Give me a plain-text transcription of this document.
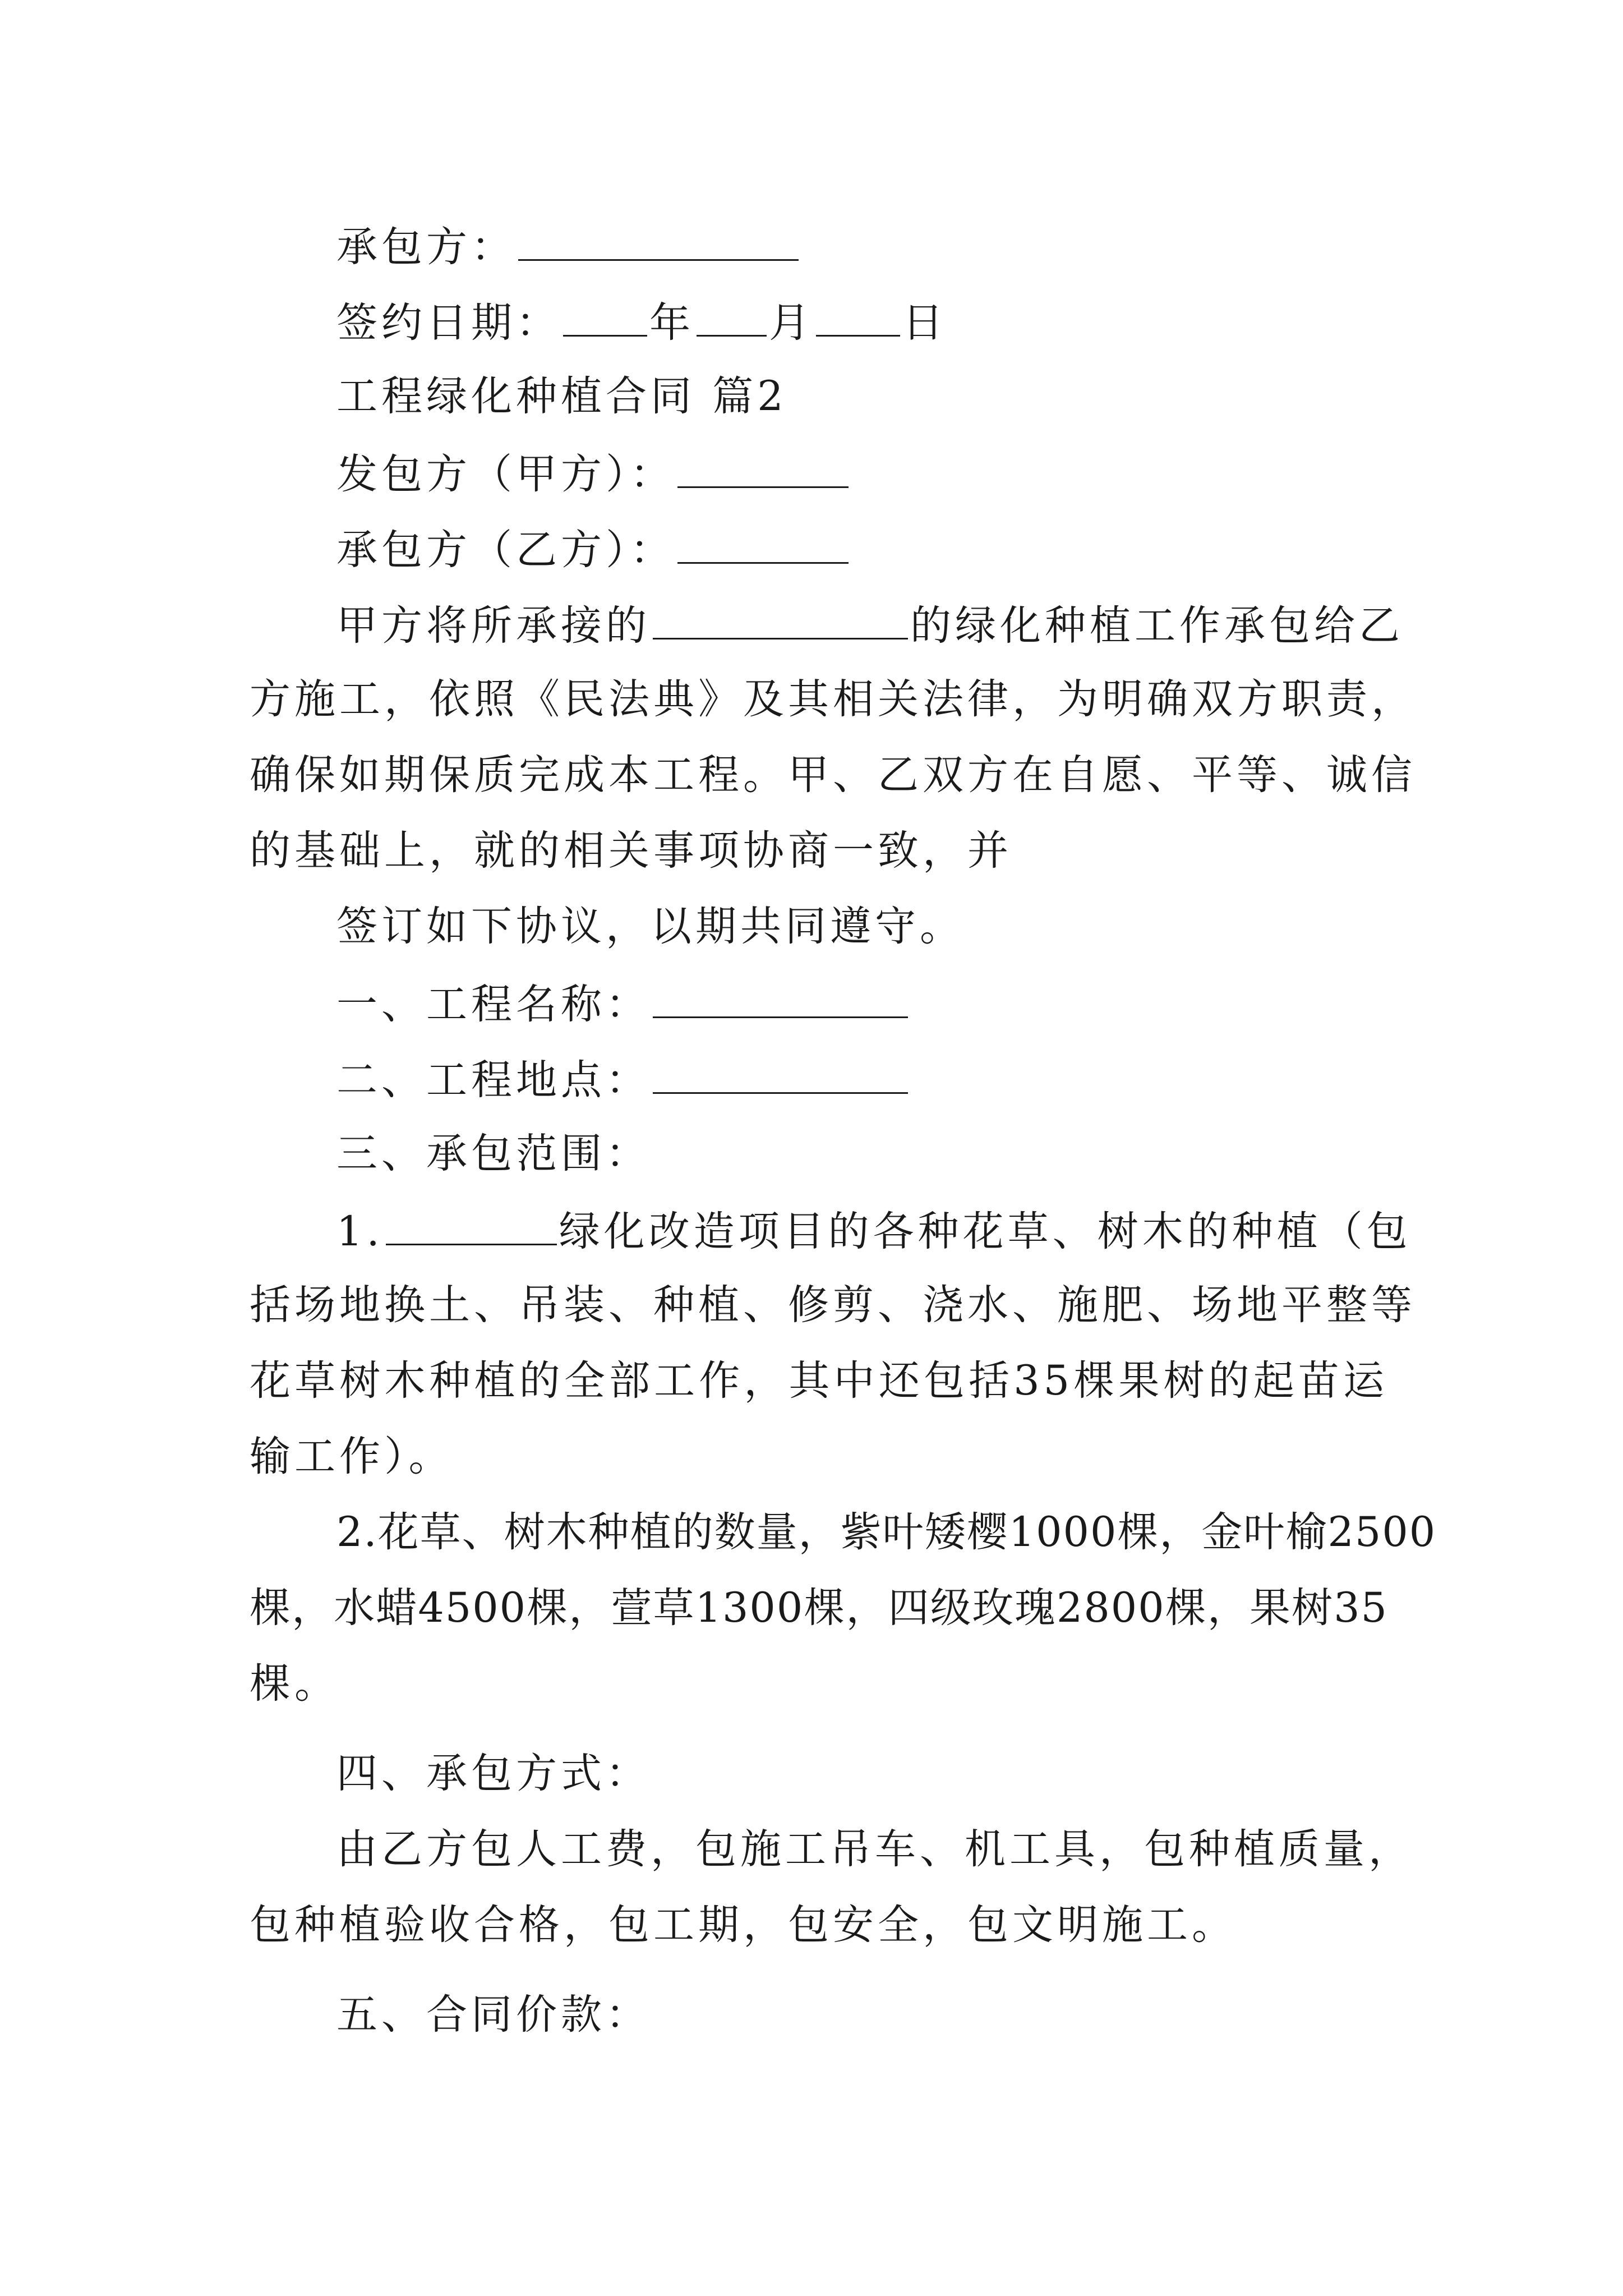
承包方：
签约日期： 年 月 日
工程绿化种植合同 篇2
发包方（甲方）：
承包方（乙方）：
甲方将所承接的	的绿化种植工作承包给乙
方施工，依照《民法典》及其相关法律，为明确双方职责，
确保如期保质完成本工程。甲、乙双方在自愿、平等、诚信
的基础上，就的相关事项协商一致，并
签订如下协议，以期共同遵守。
一、工程名称：
二、工程地点：
三、承包范围：
1.	绿化改造项目的各种花草、树木的种植（包
括场地换土、吊装、种植、修剪、浇水、施肥、场地平整等
花草树木种植的全部工作，其中还包括35棵果树的起苗运
输工作）。
2.花草、树木种植的数量，紫叶矮樱1000棵，金叶榆2500
棵，水蜡4500棵，萱草1300棵，四级玫瑰2800棵，果树35
棵。
四、承包方式：
由乙方包人工费，包施工吊车、机工具，包种植质量，
包种植验收合格，包工期，包安全，包文明施工。
五、合同价款：
